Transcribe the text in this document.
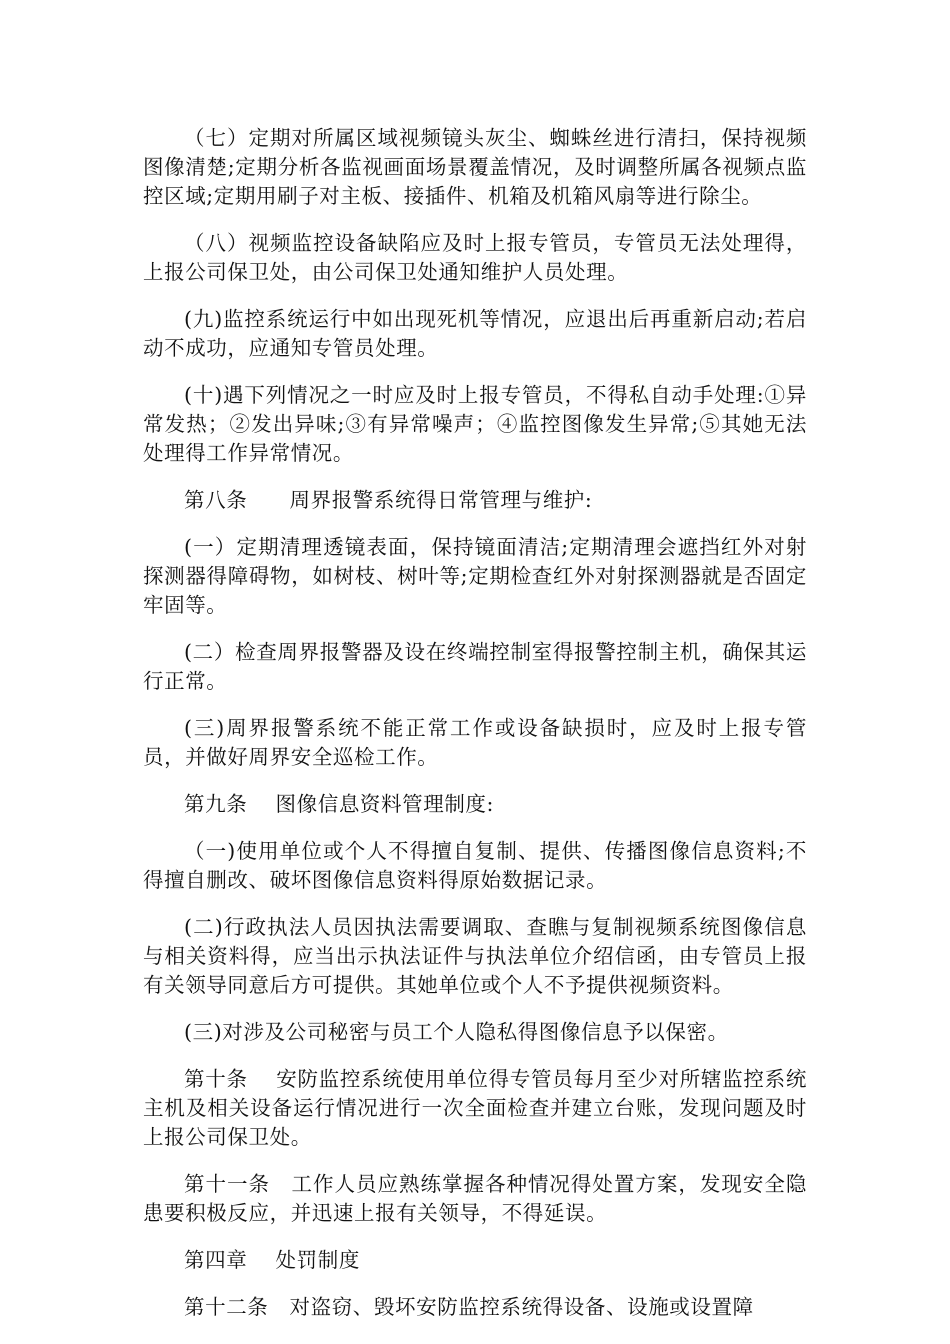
（七）定期对所属区域视频镜头灰尘、蜘蛛丝进行清扫，保持视频图像清楚;定期分析各监视画面场景覆盖情况，及时调整所属各视频点监控区域;定期用刷子对主板、接插件、机箱及机箱风扇等进行除尘。

（八）视频监控设备缺陷应及时上报专管员，专管员无法处理得，上报公司保卫处，由公司保卫处通知维护人员处理。

(九)监控系统运行中如出现死机等情况，应退出后再重新启动;若启动不成功，应通知专管员处理。

(十)遇下列情况之一时应及时上报专管员，不得私自动手处理:①异常发热；②发出异味;③有异常噪声；④监控图像发生异常;⑤其她无法处理得工作异常情况。

第八条　　周界报警系统得日常管理与维护:

(一）定期清理透镜表面，保持镜面清洁;定期清理会遮挡红外对射探测器得障碍物，如树枝、树叶等;定期检查红外对射探测器就是否固定牢固等。

(二）检查周界报警器及设在终端控制室得报警控制主机，确保其运行正常。

(三)周界报警系统不能正常工作或设备缺损时，应及时上报专管员，并做好周界安全巡检工作。

第九条　 图像信息资料管理制度:

（一)使用单位或个人不得擅自复制、提供、传播图像信息资料;不得擅自删改、破坏图像信息资料得原始数据记录。

(二)行政执法人员因执法需要调取、查瞧与复制视频系统图像信息与相关资料得，应当出示执法证件与执法单位介绍信函，由专管员上报有关领导同意后方可提供。其她单位或个人不予提供视频资料。

(三)对涉及公司秘密与员工个人隐私得图像信息予以保密。

第十条　 安防监控系统使用单位得专管员每月至少对所辖监控系统主机及相关设备运行情况进行一次全面检查并建立台账，发现问题及时上报公司保卫处。

第十一条　工作人员应熟练掌握各种情况得处置方案，发现安全隐患要积极反应，并迅速上报有关领导，不得延误。

第四章　 处罚制度

第十二条　对盗窃、毁坏安防监控系统得设备、设施或设置障
